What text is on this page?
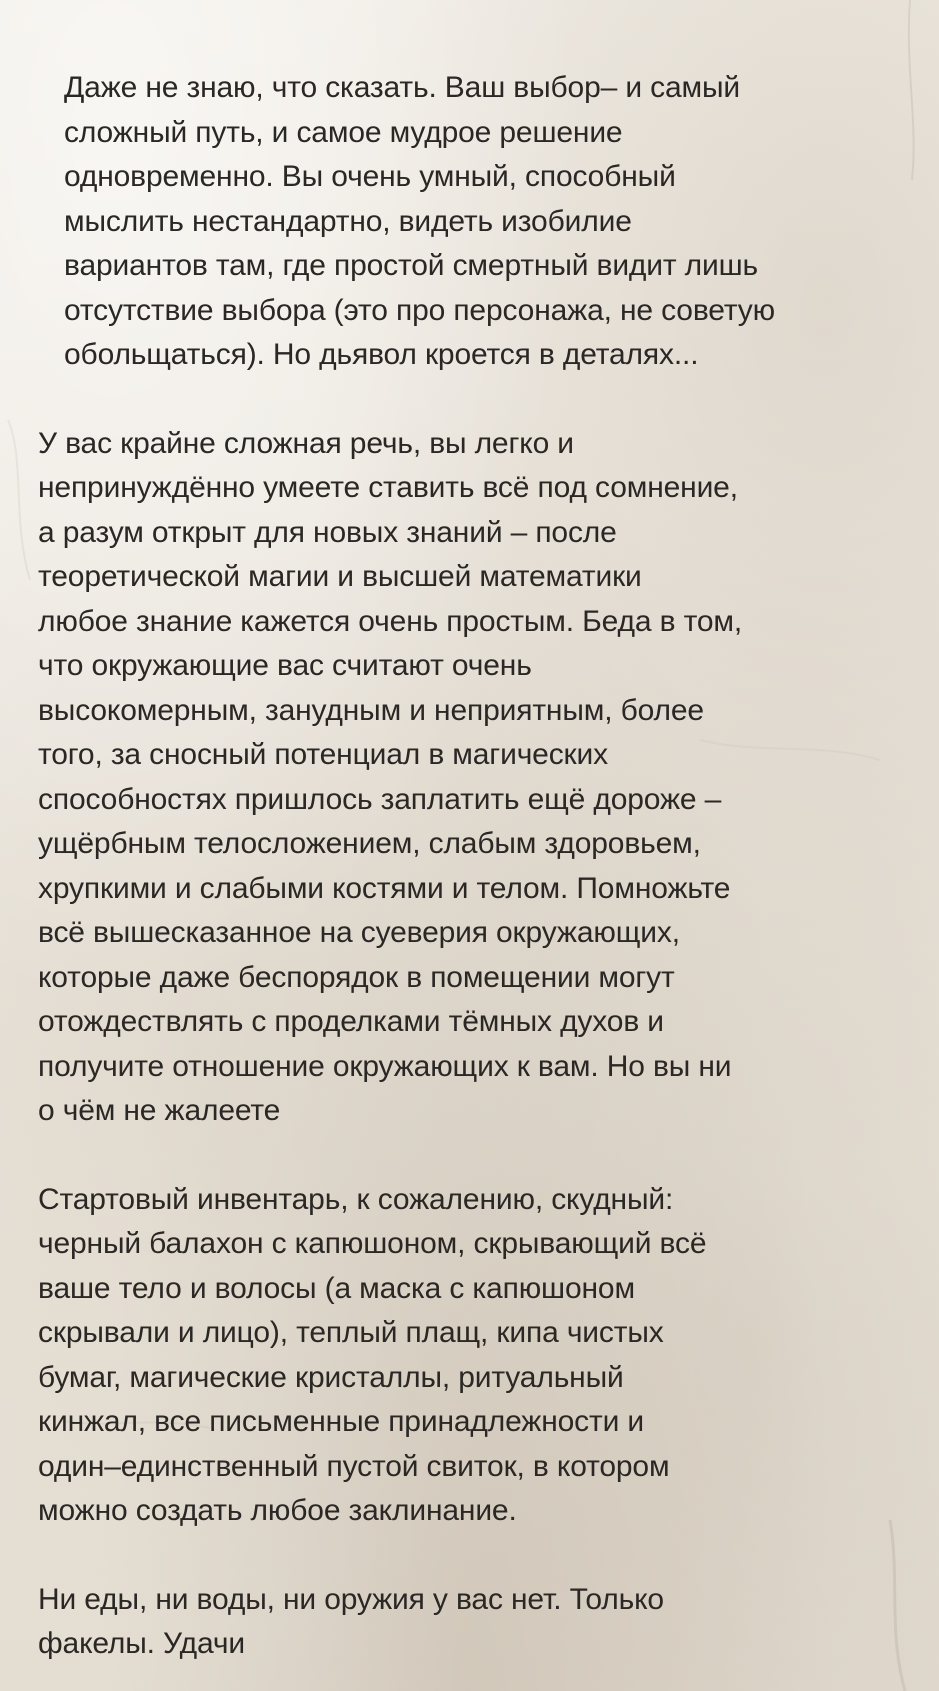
Даже не знаю, что сказать. Ваш выбор– и самый
сложный путь, и самое мудрое решение
одновременно. Вы очень умный, способный
мыслить нестандартно, видеть изобилие
вариантов там, где простой смертный видит лишь
отсутствие выбора (это про персонажа, не советую
обольщаться). Но дьявол кроется в деталях...

У вас крайне сложная речь, вы легко и
непринуждённо умеете ставить всё под сомнение,
а разум открыт для новых знаний – после
теоретической магии и высшей математики
любое знание кажется очень простым. Беда в том,
что окружающие вас считают очень
высокомерным, занудным и неприятным, более
того, за сносный потенциал в магических
способностях пришлось заплатить ещё дороже –
ущёрбным телосложением, слабым здоровьем,
хрупкими и слабыми костями и телом. Помножьте
всё вышесказанное на суеверия окружающих,
которые даже беспорядок в помещении могут
отождествлять с проделками тёмных духов и
получите отношение окружающих к вам. Но вы ни
о чём не жалеете

Стартовый инвентарь, к сожалению, скудный:
черный балахон с капюшоном, скрывающий всё
ваше тело и волосы (а маска с капюшоном
скрывали и лицо), теплый плащ, кипа чистых
бумаг, магические кристаллы, ритуальный
кинжал, все письменные принадлежности и
один–единственный пустой свиток, в котором
можно создать любое заклинание.

Ни еды, ни воды, ни оружия у вас нет. Только
факелы. Удачи
